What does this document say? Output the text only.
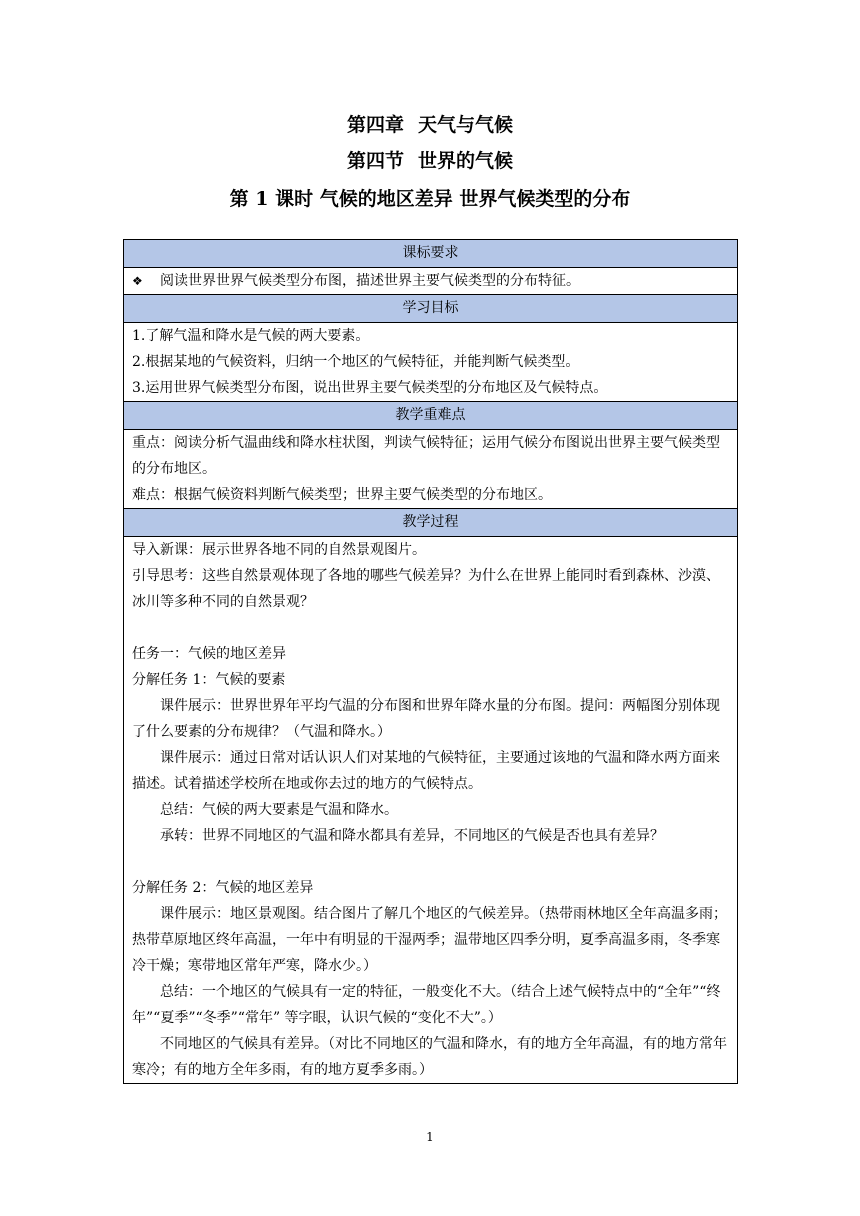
第四章 天气与气候
第四节 世界的气候
第 1 课时 气候的地区差异 世界气候类型的分布
课标要求

❖	阅读世界世界气候类型分布图，描述世界主要气候类型的分布特征。

学习目标

1.了解气温和降水是气候的两大要素。

2.根据某地的气候资料，归纳一个地区的气候特征，并能判断气候类型。

3.运用世界气候类型分布图，说出世界主要气候类型的分布地区及气候特点。

教学重难点

重点：阅读分析气温曲线和降水柱状图，判读气候特征；运用气候分布图说出世界主要气候类型的分布地区。

难点：根据气候资料判断气候类型；世界主要气候类型的分布地区。

教学过程

导入新课：展示世界各地不同的自然景观图片。

引导思考：这些自然景观体现了各地的哪些气候差异？为什么在世界上能同时看到森林、沙漠、冰川等多种不同的自然景观？

任务一：气候的地区差异

分解任务 1：气候的要素

课件展示：世界世界年平均气温的分布图和世界年降水量的分布图。提问：两幅图分别体现了什么要素的分布规律？（气温和降水。）

课件展示：通过日常对话认识人们对某地的气候特征，主要通过该地的气温和降水两方面来描述。试着描述学校所在地或你去过的地方的气候特点。

总结：气候的两大要素是气温和降水。

承转：世界不同地区的气温和降水都具有差异，不同地区的气候是否也具有差异？

分解任务 2：气候的地区差异

课件展示：地区景观图。结合图片了解几个地区的气候差异。（热带雨林地区全年高温多雨；热带草原地区终年高温，一年中有明显的干湿两季；温带地区四季分明，夏季高温多雨，冬季寒冷干燥；寒带地区常年严寒，降水少。）

总结：一个地区的气候具有一定的特征，一般变化不大。（结合上述气候特点中的“全年”“终年”“夏季”“冬季”“常年” 等字眼，认识气候的“变化不大”。）

不同地区的气候具有差异。（对比不同地区的气温和降水，有的地方全年高温，有的地方常年寒冷；有的地方全年多雨，有的地方夏季多雨。）

1
